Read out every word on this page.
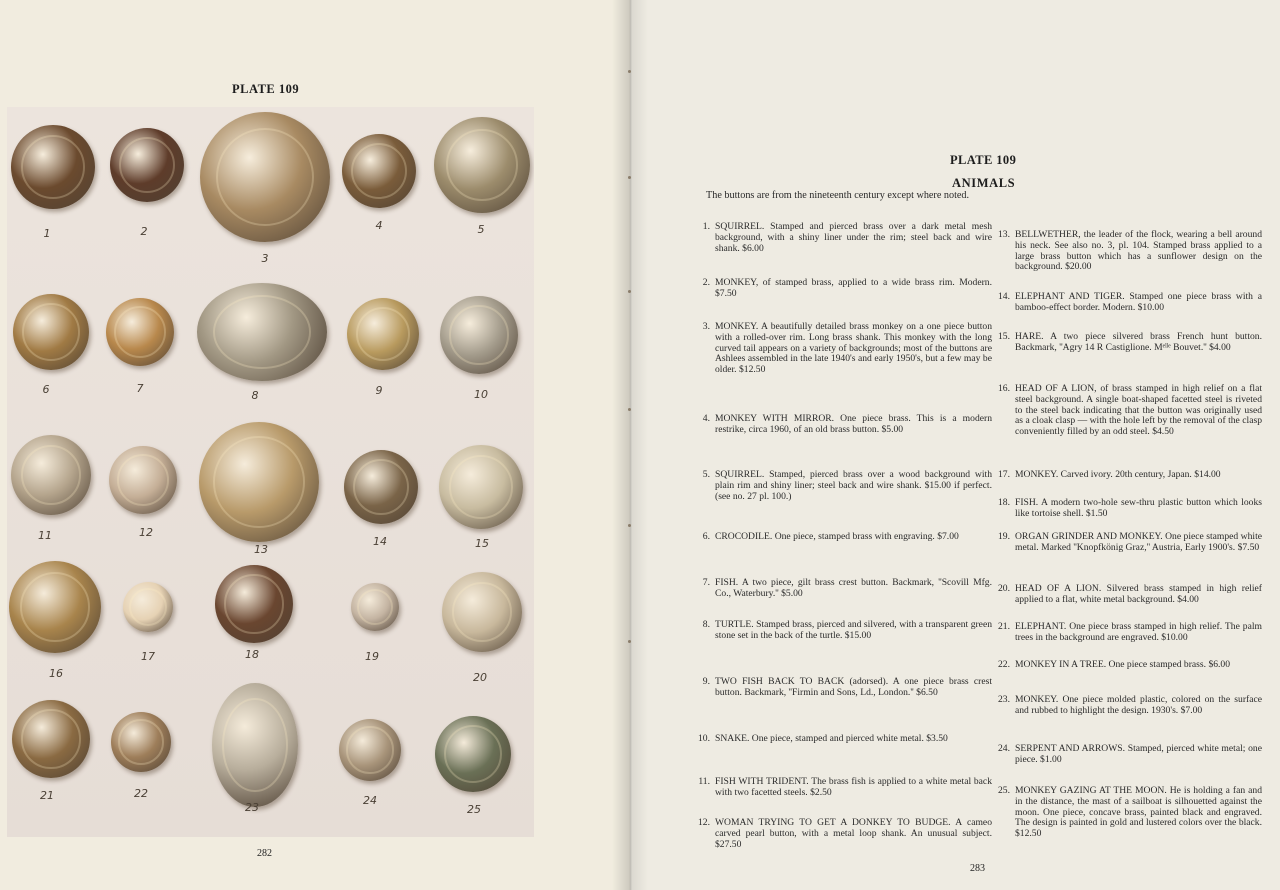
PLATE 109
1	2
3
4	5
6	7
8	9	10
11	12
13
14	15
16
17	18	19
20
21	22
23
24
25
282
PLATE 109
ANIMALS
The buttons are from the nineteenth century except where noted.
1. SQUIRREL. Stamped and pierced brass over a dark metal mesh background, with a shiny liner under the rim; steel back and wire shank. $6.00
2. MONKEY, of stamped brass, applied to a wide brass rim. Modern. $7.50
3. MONKEY. A beautifully detailed brass monkey on a one piece button with a rolled-over rim. Long brass shank. This monkey with the long curved tail appears on a variety of backgrounds; most of the buttons are Ashlees assembled in the late 1940's and early 1950's, but a few may be older. $12.50
4. MONKEY WITH MIRROR. One piece brass. This is a modern restrike, circa 1960, of an old brass button. $5.00
5. SQUIRREL. Stamped, pierced brass over a wood background with plain rim and shiny liner; steel back and wire shank. $15.00 if perfect. (see no. 27 pl. 100.)
6. CROCODILE. One piece, stamped brass with engraving. $7.00
7. FISH. A two piece, gilt brass crest button. Backmark, ''Scovill Mfg. Co., Waterbury.'' $5.00
8. TURTLE. Stamped brass, pierced and silvered, with a transparent green stone set in the back of the turtle. $15.00
9. TWO FISH BACK TO BACK (adorsed). A one piece brass crest button. Backmark, ''Firmin and Sons, Ld., London.'' $6.50
10. SNAKE. One piece, stamped and pierced white metal. $3.50
11. FISH WITH TRIDENT. The brass fish is applied to a white metal back with two facetted steels. $2.50
12. WOMAN TRYING TO GET A DONKEY TO BUDGE. A cameo carved pearl button, with a metal loop shank. An unusual subject. $27.50
13. BELLWETHER, the leader of the flock, wearing a bell around his neck. See also no. 3, pl. 104. Stamped brass applied to a large brass button which has a sunflower design on the background. $20.00
14. ELEPHANT AND TIGER. Stamped one piece brass with a bamboo-effect border. Modern. $10.00
15. HARE. A two piece silvered brass French hunt button. Backmark, ''Agry 14 R Castiglione. Mᵉˡˡᵉ Bouvet.'' $4.00
16. HEAD OF A LION, of brass stamped in high relief on a flat steel background. A single boat-shaped facetted steel is riveted to the steel back indicating that the button was originally used as a cloak clasp — with the hole left by the removal of the clasp conveniently filled by an odd steel. $4.50
17. MONKEY. Carved ivory. 20th century, Japan. $14.00
18. FISH. A modern two-hole sew-thru plastic button which looks like tortoise shell. $1.50
19. ORGAN GRINDER AND MONKEY. One piece stamped white metal. Marked ''Knopfkönig Graz,'' Austria, Early 1900's. $7.50
20. HEAD OF A LION. Silvered brass stamped in high relief applied to a flat, white metal background. $4.00
21. ELEPHANT. One piece brass stamped in high relief. The palm trees in the background are engraved. $10.00
22. MONKEY IN A TREE. One piece stamped brass. $6.00
23. MONKEY. One piece molded plastic, colored on the surface and rubbed to highlight the design. 1930's. $7.00
24. SERPENT AND ARROWS. Stamped, pierced white metal; one piece. $1.00
25. MONKEY GAZING AT THE MOON. He is holding a fan and in the distance, the mast of a sailboat is silhouetted against the moon. One piece, concave brass, painted black and engraved. The design is painted in gold and lustered colors over the black. $12.50
283
